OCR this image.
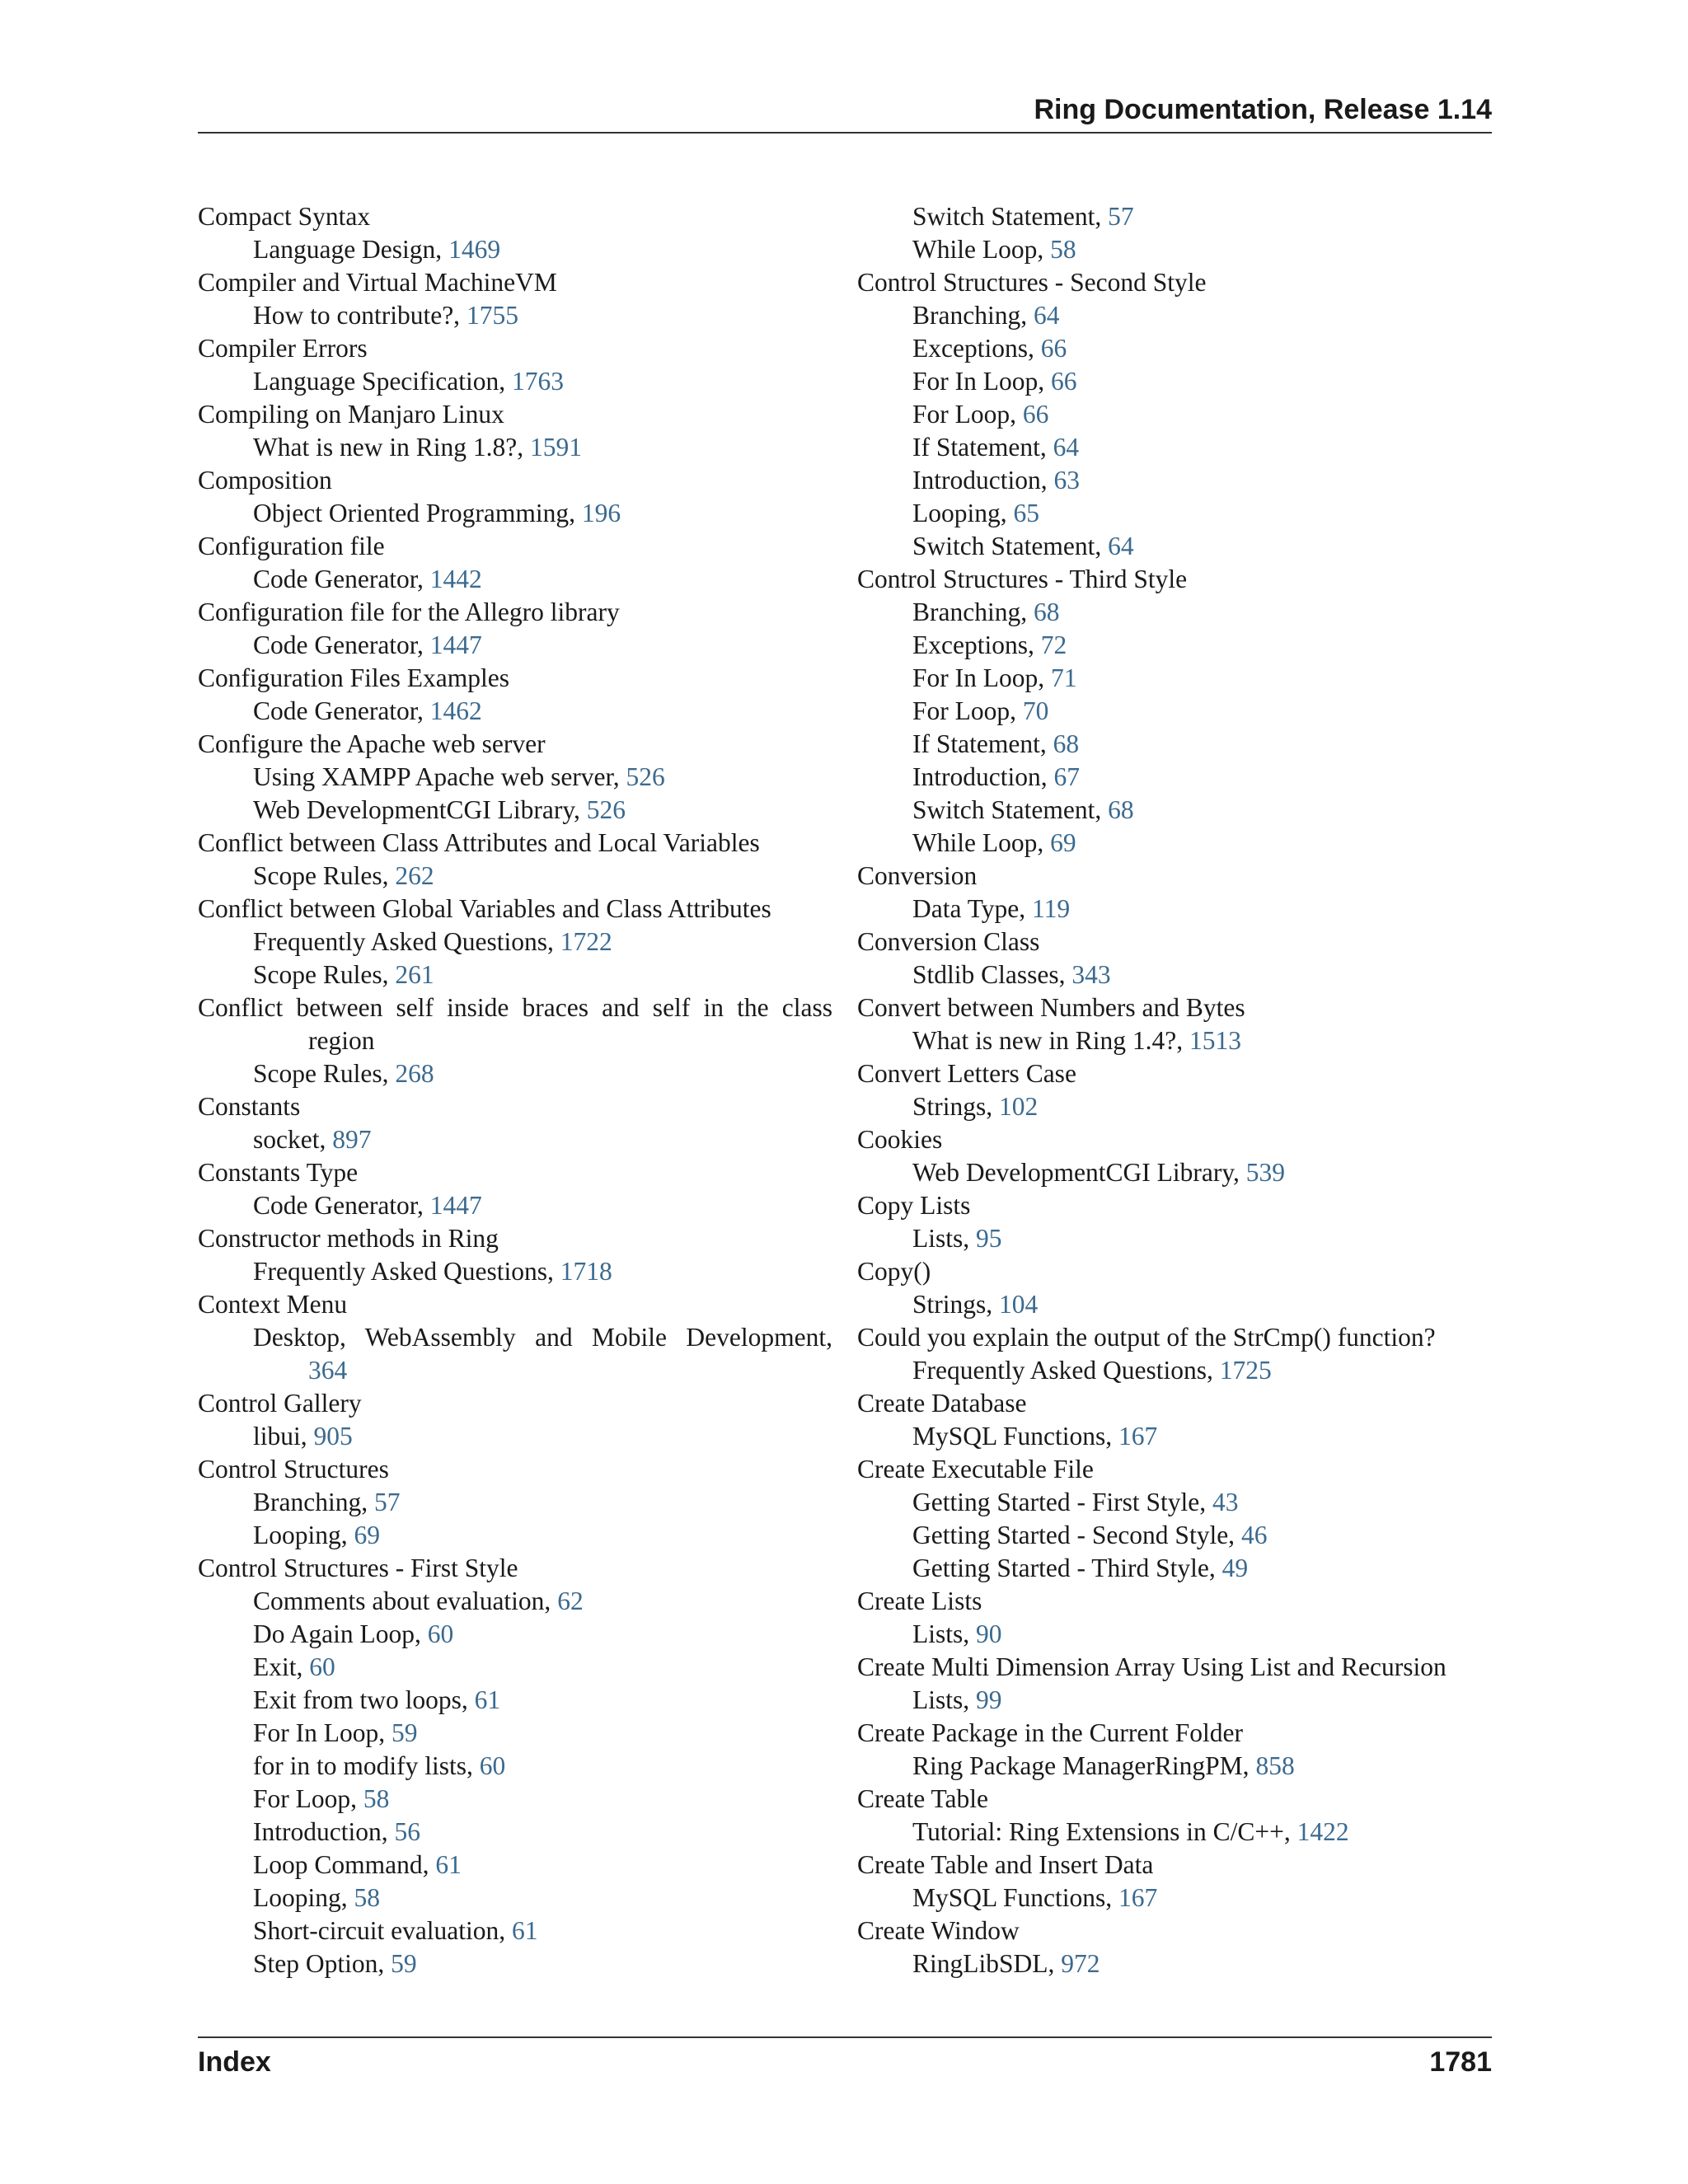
Ring Documentation, Release 1.14
Compact Syntax
Language Design, 1469
Compiler and Virtual MachineVM
How to contribute?, 1755
Compiler Errors
Language Specification, 1763
Compiling on Manjaro Linux
What is new in Ring 1.8?, 1591
Composition
Object Oriented Programming, 196
Configuration file
Code Generator, 1442
Configuration file for the Allegro library
Code Generator, 1447
Configuration Files Examples
Code Generator, 1462
Configure the Apache web server
Using XAMPP Apache web server, 526
Web DevelopmentCGI Library, 526
Conflict between Class Attributes and Local Variables
Scope Rules, 262
Conflict between Global Variables and Class Attributes
Frequently Asked Questions, 1722
Scope Rules, 261
Conflict between self inside braces and self in the class
region
Scope Rules, 268
Constants
socket, 897
Constants Type
Code Generator, 1447
Constructor methods in Ring
Frequently Asked Questions, 1718
Context Menu
Desktop, WebAssembly and Mobile Development,
364
Control Gallery
libui, 905
Control Structures
Branching, 57
Looping, 69
Control Structures - First Style
Comments about evaluation, 62
Do Again Loop, 60
Exit, 60
Exit from two loops, 61
For In Loop, 59
for in to modify lists, 60
For Loop, 58
Introduction, 56
Loop Command, 61
Looping, 58
Short-circuit evaluation, 61
Step Option, 59
Switch Statement, 57
While Loop, 58
Control Structures - Second Style
Branching, 64
Exceptions, 66
For In Loop, 66
For Loop, 66
If Statement, 64
Introduction, 63
Looping, 65
Switch Statement, 64
Control Structures - Third Style
Branching, 68
Exceptions, 72
For In Loop, 71
For Loop, 70
If Statement, 68
Introduction, 67
Switch Statement, 68
While Loop, 69
Conversion
Data Type, 119
Conversion Class
Stdlib Classes, 343
Convert between Numbers and Bytes
What is new in Ring 1.4?, 1513
Convert Letters Case
Strings, 102
Cookies
Web DevelopmentCGI Library, 539
Copy Lists
Lists, 95
Copy()
Strings, 104
Could you explain the output of the StrCmp() function?
Frequently Asked Questions, 1725
Create Database
MySQL Functions, 167
Create Executable File
Getting Started - First Style, 43
Getting Started - Second Style, 46
Getting Started - Third Style, 49
Create Lists
Lists, 90
Create Multi Dimension Array Using List and Recursion
Lists, 99
Create Package in the Current Folder
Ring Package ManagerRingPM, 858
Create Table
Tutorial: Ring Extensions in C/C++, 1422
Create Table and Insert Data
MySQL Functions, 167
Create Window
RingLibSDL, 972
Index	1781
